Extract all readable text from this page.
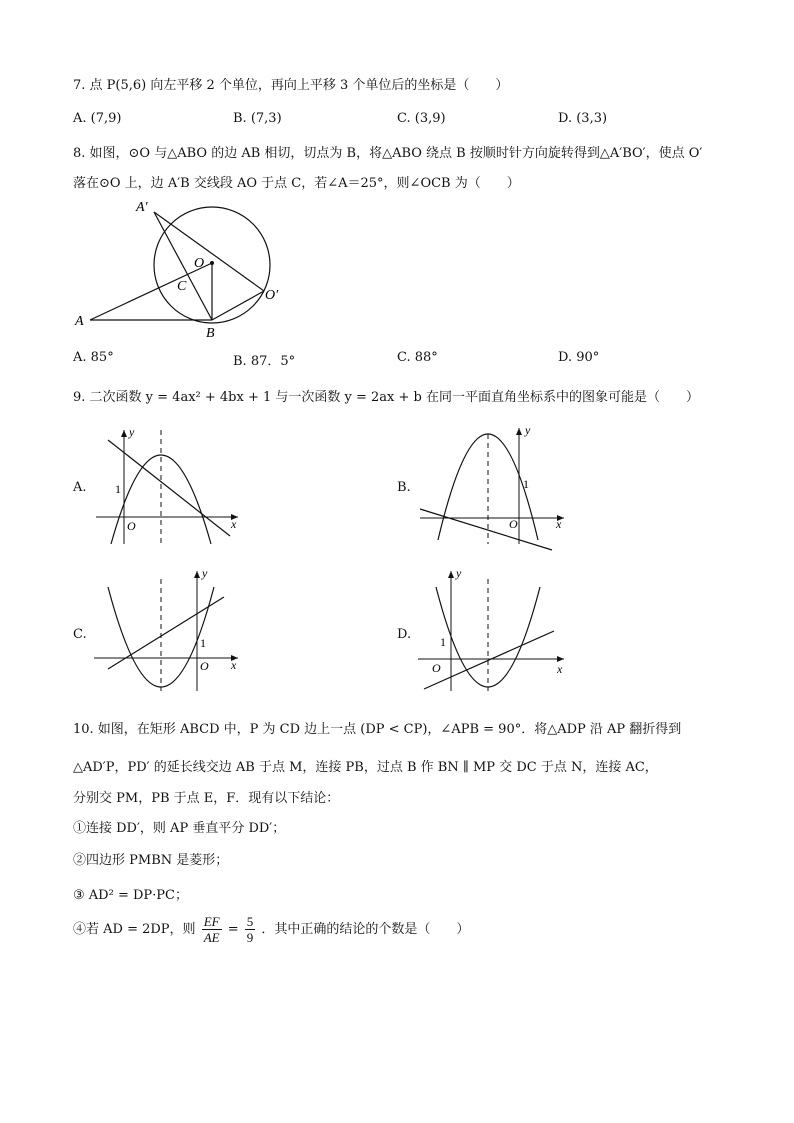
7. 点 P(5,6) 向左平移 2 个单位，再向上平移 3 个单位后的坐标是（　　）
A. (7,9)	B. (7,3)	C. (3,9)	D. (3,3)
8. 如图，⊙O 与△ABO 的边 AB 相切，切点为 B，将△ABO 绕点 B 按顺时针方向旋转得到△A′BO′，使点 O′
落在⊙O 上，边 A′B 交线段 AO 于点 C，若∠A＝25°，则∠OCB 为（　　）
A′
O
C
O′
A
B
A. 85°	B. 87．5°	C. 88°	D. 90°
9. 二次函数 y = 4ax² + 4bx + 1 与一次函数 y = 2ax + b 在同一平面直角坐标系中的图象可能是（　　）
A.
x
y
O
1	B.
x
y
O
1
C.
x
y
O
1
D.
x
y
O
1
10. 如图，在矩形 ABCD 中，P 为 CD 边上一点 (DP < CP)，∠APB = 90°．将△ADP 沿 AP 翻折得到
△AD′P，PD′ 的延长线交边 AB 于点 M，连接 PB，过点 B 作 BN ∥ MP 交 DC 于点 N，连接 AC，
分别交 PM，PB 于点 E，F．现有以下结论：
①连接 DD′，则 AP 垂直平分 DD′；
②四边形 PMBN 是菱形；
③ AD² = DP·PC；
④若 AD = 2DP，则 $\frac{EF}{AE} = \frac{5}{9}$ ．其中正确的结论的个数是（　　）
